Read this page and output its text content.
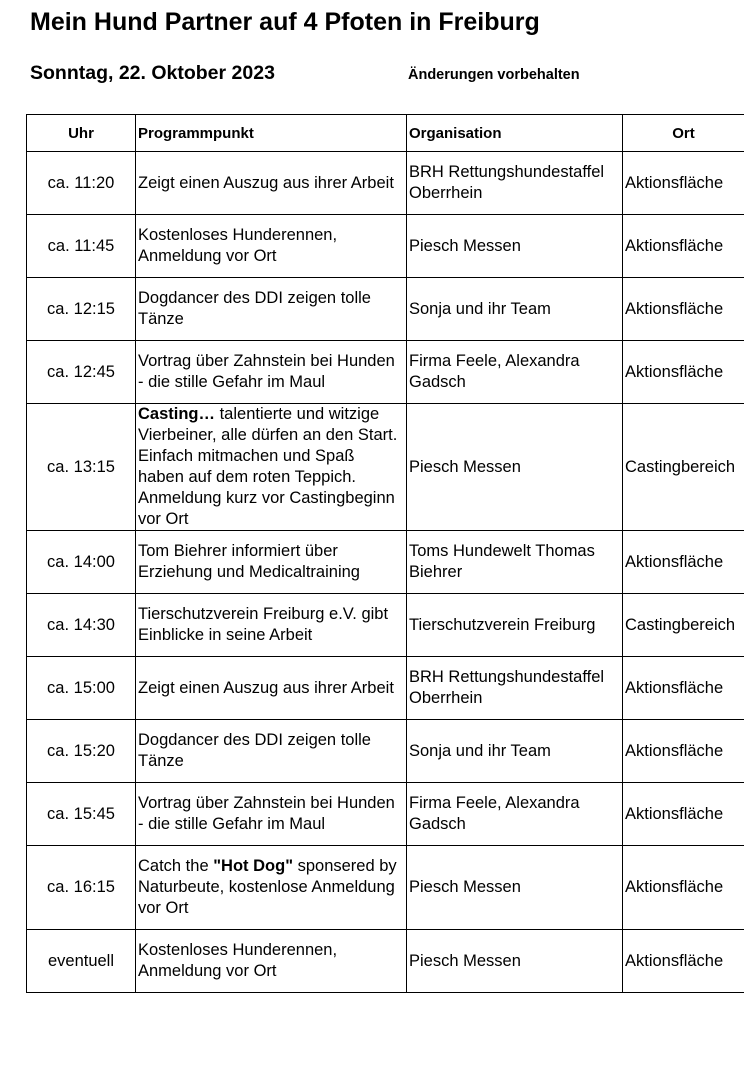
Mein Hund Partner auf 4 Pfoten in Freiburg
Sonntag, 22. Oktober 2023	Änderungen vorbehalten
Uhr	Programmpunkt	Organisation	Ort
ca. 11:20	Zeigt einen Auszug aus ihrer Arbeit	BRH Rettungshundestaffel Oberrhein	Aktionsfläche
ca. 11:45	Kostenloses Hunderennen, Anmeldung vor Ort	Piesch Messen	Aktionsfläche
ca. 12:15	Dogdancer des DDI zeigen tolle Tänze	Sonja und ihr Team	Aktionsfläche
ca. 12:45	Vortrag über Zahnstein bei Hunden - die stille Gefahr im Maul	Firma Feele, Alexandra Gadsch	Aktionsfläche
ca. 13:15	Casting… talentierte und witzige Vierbeiner, alle dürfen an den Start. Einfach mitmachen und Spaß haben auf dem roten Teppich. Anmeldung kurz vor Castingbeginn vor Ort	Piesch Messen	Castingbereich
ca. 14:00	Tom Biehrer informiert über Erziehung und Medicaltraining	Toms Hundewelt Thomas Biehrer	Aktionsfläche
ca. 14:30	Tierschutzverein Freiburg e.V. gibt Einblicke in seine Arbeit	Tierschutzverein Freiburg	Castingbereich
ca. 15:00	Zeigt einen Auszug aus ihrer Arbeit	BRH Rettungshundestaffel Oberrhein	Aktionsfläche
ca. 15:20	Dogdancer des DDI zeigen tolle Tänze	Sonja und ihr Team	Aktionsfläche
ca. 15:45	Vortrag über Zahnstein bei Hunden - die stille Gefahr im Maul	Firma Feele, Alexandra Gadsch	Aktionsfläche
ca. 16:15	Catch the "Hot Dog" sponsered by Naturbeute, kostenlose Anmeldung vor Ort	Piesch Messen	Aktionsfläche
eventuell	Kostenloses Hunderennen, Anmeldung vor Ort	Piesch Messen	Aktionsfläche
